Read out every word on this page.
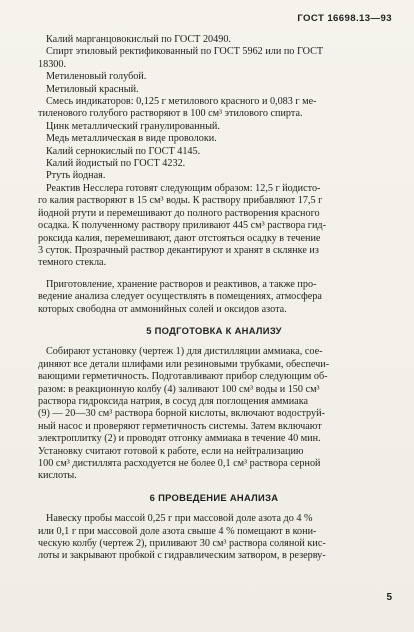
ГОСТ 16698.13—93
Калий марганцовокислый по ГОСТ 20490.
Спирт этиловый ректификованный по ГОСТ 5962 или по ГОСТ
18300.
Метиленовый голубой.
Метиловый красный.
Смесь индикаторов: 0,125 г метилового красного и 0,083 г ме-
тиленового голубого растворяют в 100 см³ этилового спирта.
Цинк металлический гранулированный.
Медь металлическая в виде проволоки.
Калий сернокислый по ГОСТ 4145.
Калий йодистый по ГОСТ 4232.
Ртуть йодная.
Реактив Несслера готовят следующим образом: 12,5 г йодисто-
го калия растворяют в 15 см³ воды. К раствору прибавляют 17,5 г
йодной ртути и перемешивают до полного растворения красного
осадка. К полученному раствору приливают 445 см³ раствора гид-
роксида калия, перемешивают, дают отстояться осадку в течение
3 суток. Прозрачный раствор декантируют и хранят в склянке из
темного стекла.
Приготовление, хранение растворов и реактивов, а также про-
ведение анализа следует осуществлять в помещениях, атмосфера
которых свободна от аммонийных солей и оксидов азота.
5 ПОДГОТОВКА К АНАЛИЗУ
Собирают установку (чертеж 1) для дистилляции аммиака, сое-
диняют все детали шлифами или резиновыми трубками, обеспечи-
вающими герметичность. Подготавливают прибор следующим об-
разом: в реакционную колбу (4) заливают 100 см³ воды и 150 см³
раствора гидроксида натрия, в сосуд для поглощения аммиака
(9) — 20—30 см³ раствора борной кислоты, включают водоструй-
ный насос и проверяют герметичность системы. Затем включают
электроплитку (2) и проводят отгонку аммиака в течение 40 мин.
Установку считают готовой к работе, если на нейтрализацию
100 см³ дистиллята расходуется не более 0,1 см³ раствора серной
кислоты.
6 ПРОВЕДЕНИЕ АНАЛИЗА
Навеску пробы массой 0,25 г при массовой доле азота до 4 %
или 0,1 г при массовой доле азота свыше 4 % помещают в кони-
ческую колбу (чертеж 2), приливают 30 см³ раствора соляной кис-
лоты и закрывают пробкой с гидравлическим затвором, в резерву-
5
